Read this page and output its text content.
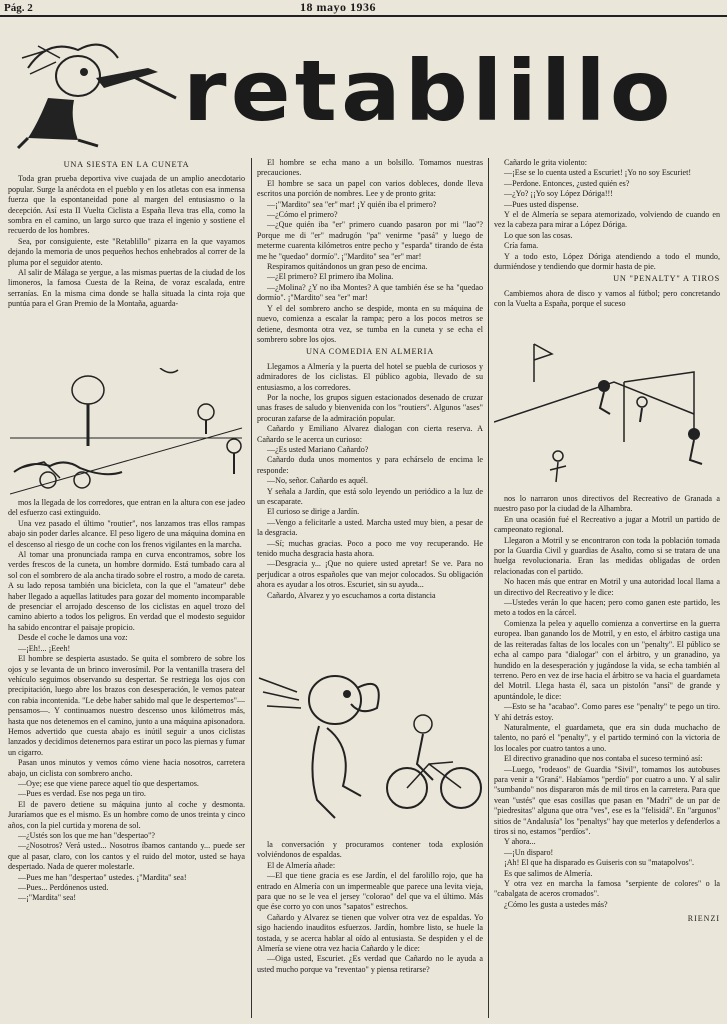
Pág. 2	18 mayo 1936
retablillo
UNA SIESTA EN LA CUNETA

Toda gran prueba deportiva vive cuajada de un amplio anecdotario popular. Surge la anécdota en el pueblo y en los atletas con esa inmensa fuerza que la espontaneidad pone al margen del entusiasmo o la decepción. Así esta II Vuelta Ciclista a España lleva tras ella, como la sombra en el camino, un largo surco que traza el ingenio y sostiene el recuerdo de los hombres.

Sea, por consiguiente, este "Retablillo" pizarra en la que vayamos dejando la memoria de unos pequeños hechos enhebrados al correr de la pluma por el seguidor atento.

Al salir de Málaga se yergue, a las mismas puertas de la ciudad de los limoneros, la famosa Cuesta de la Reina, de voraz escalada, entre serranías. En la misma cima donde se halla situada la cinta roja que puntúa para el Gran Premio de la Montaña, aguarda-

mos la llegada de los corredores, que entran en la altura con ese jadeo del esfuerzo casi extinguido.

Una vez pasado el último "routier", nos lanzamos tras ellos rampas abajo sin poder darles alcance. El peso ligero de una máquina domina en el descenso al riesgo de un coche con los frenos vigilantes en la marcha.

Al tomar una pronunciada rampa en curva encontramos, sobre los verdes frescos de la cuneta, un hombre dormido. Está tumbado cara al sol con el sombrero de ala ancha tirado sobre el rostro, a modo de careta. A su lado reposa también una bicicleta, con la que el "amateur" debe haber llegado a aquellas latitudes para gozar del momento incomparable de presenciar el arrojado descenso de los ciclistas en aquel trozo del camino abierto a todos los peligros. En verdad que el modesto seguidor ha sabido encontrar el paisaje propicio.

Desde el coche le damos una voz:

—¡Eh!... ¡Eeeh!

El hombre se despierta asustado. Se quita el sombrero de sobre los ojos y se levanta de un brinco inverosímil. Por la ventanilla trasera del vehículo seguimos observando su despertar. Se restriega los ojos con precipitación, luego abre los brazos con desesperación, le vemos patear con rabia incontenida. "Le debe haber sabido mal que le despertemos"—pensamos—. Y continuamos nuestro descenso unos kilómetros más, hasta que nos detenemos en el camino, junto a una máquina apisonadora. Hemos advertido que cuesta abajo es inútil seguir a unos ciclistas lanzados y decidimos detenernos para estirar un poco las piernas y fumar un cigarro.

Pasan unos minutos y vemos cómo viene hacia nosotros, carretera abajo, un ciclista con sombrero ancho.

—Oye; ese que viene parece aquel tío que despertamos.

—Pues es verdad. Ese nos pega un tiro.

El de pavero detiene su máquina junto al coche y desmonta. Juraríamos que es el mismo. Es un hombre como de unos treinta y cinco años, con la piel curtida y morena de sol.

—¿Ustés son los que me han "despertao"?

—¿Nosotros? Verá usted... Nosotros íbamos cantando y... puede ser que al pasar, claro, con los cantos y el ruido del motor, usted se haya despertado. Nada de querer molestarle.

—Pues me han "despertao" ustedes. ¡"Mardita" sea!

—Pues... Perdónenos usted.

—¡"Mardita" sea!

El hombre se echa mano a un bolsillo. Tomamos nuestras precauciones.

El hombre se saca un papel con varios dobleces, donde lleva escritos una porción de nombres. Lee y de pronto grita:

—¡"Mardito" sea "er" mar! ¡Y quién iba el primero?

—¿Cómo el primero?

—¿Que quién iba "er" primero cuando pasaron por mi "lao"? Porque me di "er" madrugón "pa" venirme "pasá" y luego de meterme cuarenta kilómetros entre pecho y "esparda" tirando de ésta me he "quedao" dormío". ¡"Mardito" sea "er" mar!

Respiramos quitándonos un gran peso de encima.

—¿El primero? El primero iba Molina.

—¿Molina? ¿Y no iba Montes? A que también ése se ha "quedao dormío". ¡"Mardito" sea "er" mar!

Y el del sombrero ancho se despide, monta en su máquina de nuevo, comienza a escalar la rampa; pero a los pocos metros se detiene, desmonta otra vez, se tumba en la cuneta y se echa el sombrero sobre los ojos.

UNA COMEDIA EN ALMERIA

Llegamos a Almería y la puerta del hotel se puebla de curiosos y admiradores de los ciclistas. El público agobia, llevado de su entusiasmo, a los corredores.

Por la noche, los grupos siguen estacionados desenado de cruzar unas frases de saludo y bienvenida con los "routiers". Algunos "ases" procuran zafarse de la admiración popular.

Cañardo y Emiliano Alvarez dialogan con cierta reserva. A Cañardo se le acerca un curioso:

—¿Es usted Mariano Cañardo?

Cañardo duda unos momentos y para echárselo de encima le responde:

—No, señor. Cañardo es aquél.

Y señala a Jardín, que está solo leyendo un periódico a la luz de un escaparate.

El curioso se dirige a Jardín.

—Vengo a felicitarle a usted. Marcha usted muy bien, a pesar de la desgracia.

—Sí; muchas gracias. Poco a poco me voy recuperando. He tenido mucha desgracia hasta ahora.

—Desgracia y... ¡Que no quiere usted apretar! Se ve. Para no perjudicar a otros españoles que van mejor colocados. Su obligación ahora es ayudar a los otros. Escuriet, sin su ayuda...

Cañardo, Alvarez y yo escuchamos a corta distancia

la conversación y procuramos contener toda explosión volviéndonos de espaldas.

El de Almería añade:

—El que tiene gracia es ese Jardín, el del farolillo rojo, que ha entrado en Almería con un impermeable que parece una levita vieja, para que no se le vea el jersey "colorao" del que va el último. Más que ése corro yo con unos "sapatos" estrechos.

Cañardo y Alvarez se tienen que volver otra vez de espaldas. Yo sigo haciendo inauditos esfuerzos. Jardín, hombre listo, se huele la tostada, y se acerca hablar al oído al entusiasta. Se despiden y el de Almería se viene otra vez hacia Cañardo y le dice:

—Oiga usted, Escuriet. ¿Es verdad que Cañardo no le ayuda a usted mucho porque va "reventao" y piensa retirarse?

Cañardo le grita violento:

—¡Ese se lo cuenta usted a Escuriet! ¡Yo no soy Escuriet!

—Perdone. Entonces, ¿usted quién es?

—¿Yo? ¡¡Yo soy López Dóriga!!!

—Pues usted dispense.

Y el de Almería se separa atemorizado, volviendo de cuando en vez la cabeza para mirar a López Dóriga.

Lo que son las cosas.

Cría fama.

Y a todo esto, López Dóriga atendiendo a todo el mundo, durmiéndose y tendiendo que dormir hasta de pie.

UN "PENALTY" A TIROS

Cambiemos ahora de disco y vamos al fútbol; pero concretando con la Vuelta a España, porque el suceso

nos lo narraron unos directivos del Recreativo de Granada a nuestro paso por la ciudad de la Alhambra.

En una ocasión fué el Recreativo a jugar a Motril un partido de campeonato regional.

Llegaron a Motril y se encontraron con toda la población tomada por la Guardia Civil y guardias de Asalto, como si se tratara de una huelga revolucionaria. Eran las medidas obligadas de orden relacionadas con el partido.

No hacen más que entrar en Motril y una autoridad local llama a un directivo del Recreativo y le dice:

—Ustedes verán lo que hacen; pero como ganen este partido, les meto a todos en la cárcel.

Comienza la pelea y aquello comienza a convertirse en la guerra europea. Iban ganando los de Motril, y en esto, el árbitro castiga una de las reiteradas faltas de los locales con un "penalty". El público se echa al campo para "dialogar" con el árbitro, y un granadino, ya hundido en la desesperación y jugándose la vida, se echa también al terreno. Pero en vez de irse hacia el árbitro se va hacia el guardameta del Motril. Llega hasta él, saca un pistolón "ansí" de grande y apuntándole, le dice:

—Esto se ha "acabao". Como pares ese "penalty" te pego un tiro. Y ahí detrás estoy.

Naturalmente, el guardameta, que era sin duda muchacho de talento, no paró el "penalty", y el partido terminó con la victoria de los locales por cuatro tantos a uno.

El directivo granadino que nos contaba el suceso terminó así:

—Luego, "rodeaos" de Guardia "Sivil", tomamos los autobuses para venir a "Graná". Habíamos "perdío" por cuatro a uno. Y al salir "sumbando" nos dispararon más de mil tiros en la carretera. Para que vean "ustés" que esas cosillas que pasan en "Madrí" de un par de "piedresitas" alguna que otra "ves", ese es la "felisidá". En "argunos" sitios de "Andalusía" los "penaltys" hay que meterlos y defenderlos a tiros si no, estamos "perdíos".

Y ahora...

—¡Un disparo!

¡Ah! El que ha disparado es Guiseris con su "matapolvos".

Es que salimos de Almería.

Y otra vez en marcha la famosa "serpiente de colores" o la "cabalgata de aceros cromados".

¿Cómo les gusta a ustedes más?

RIENZI
